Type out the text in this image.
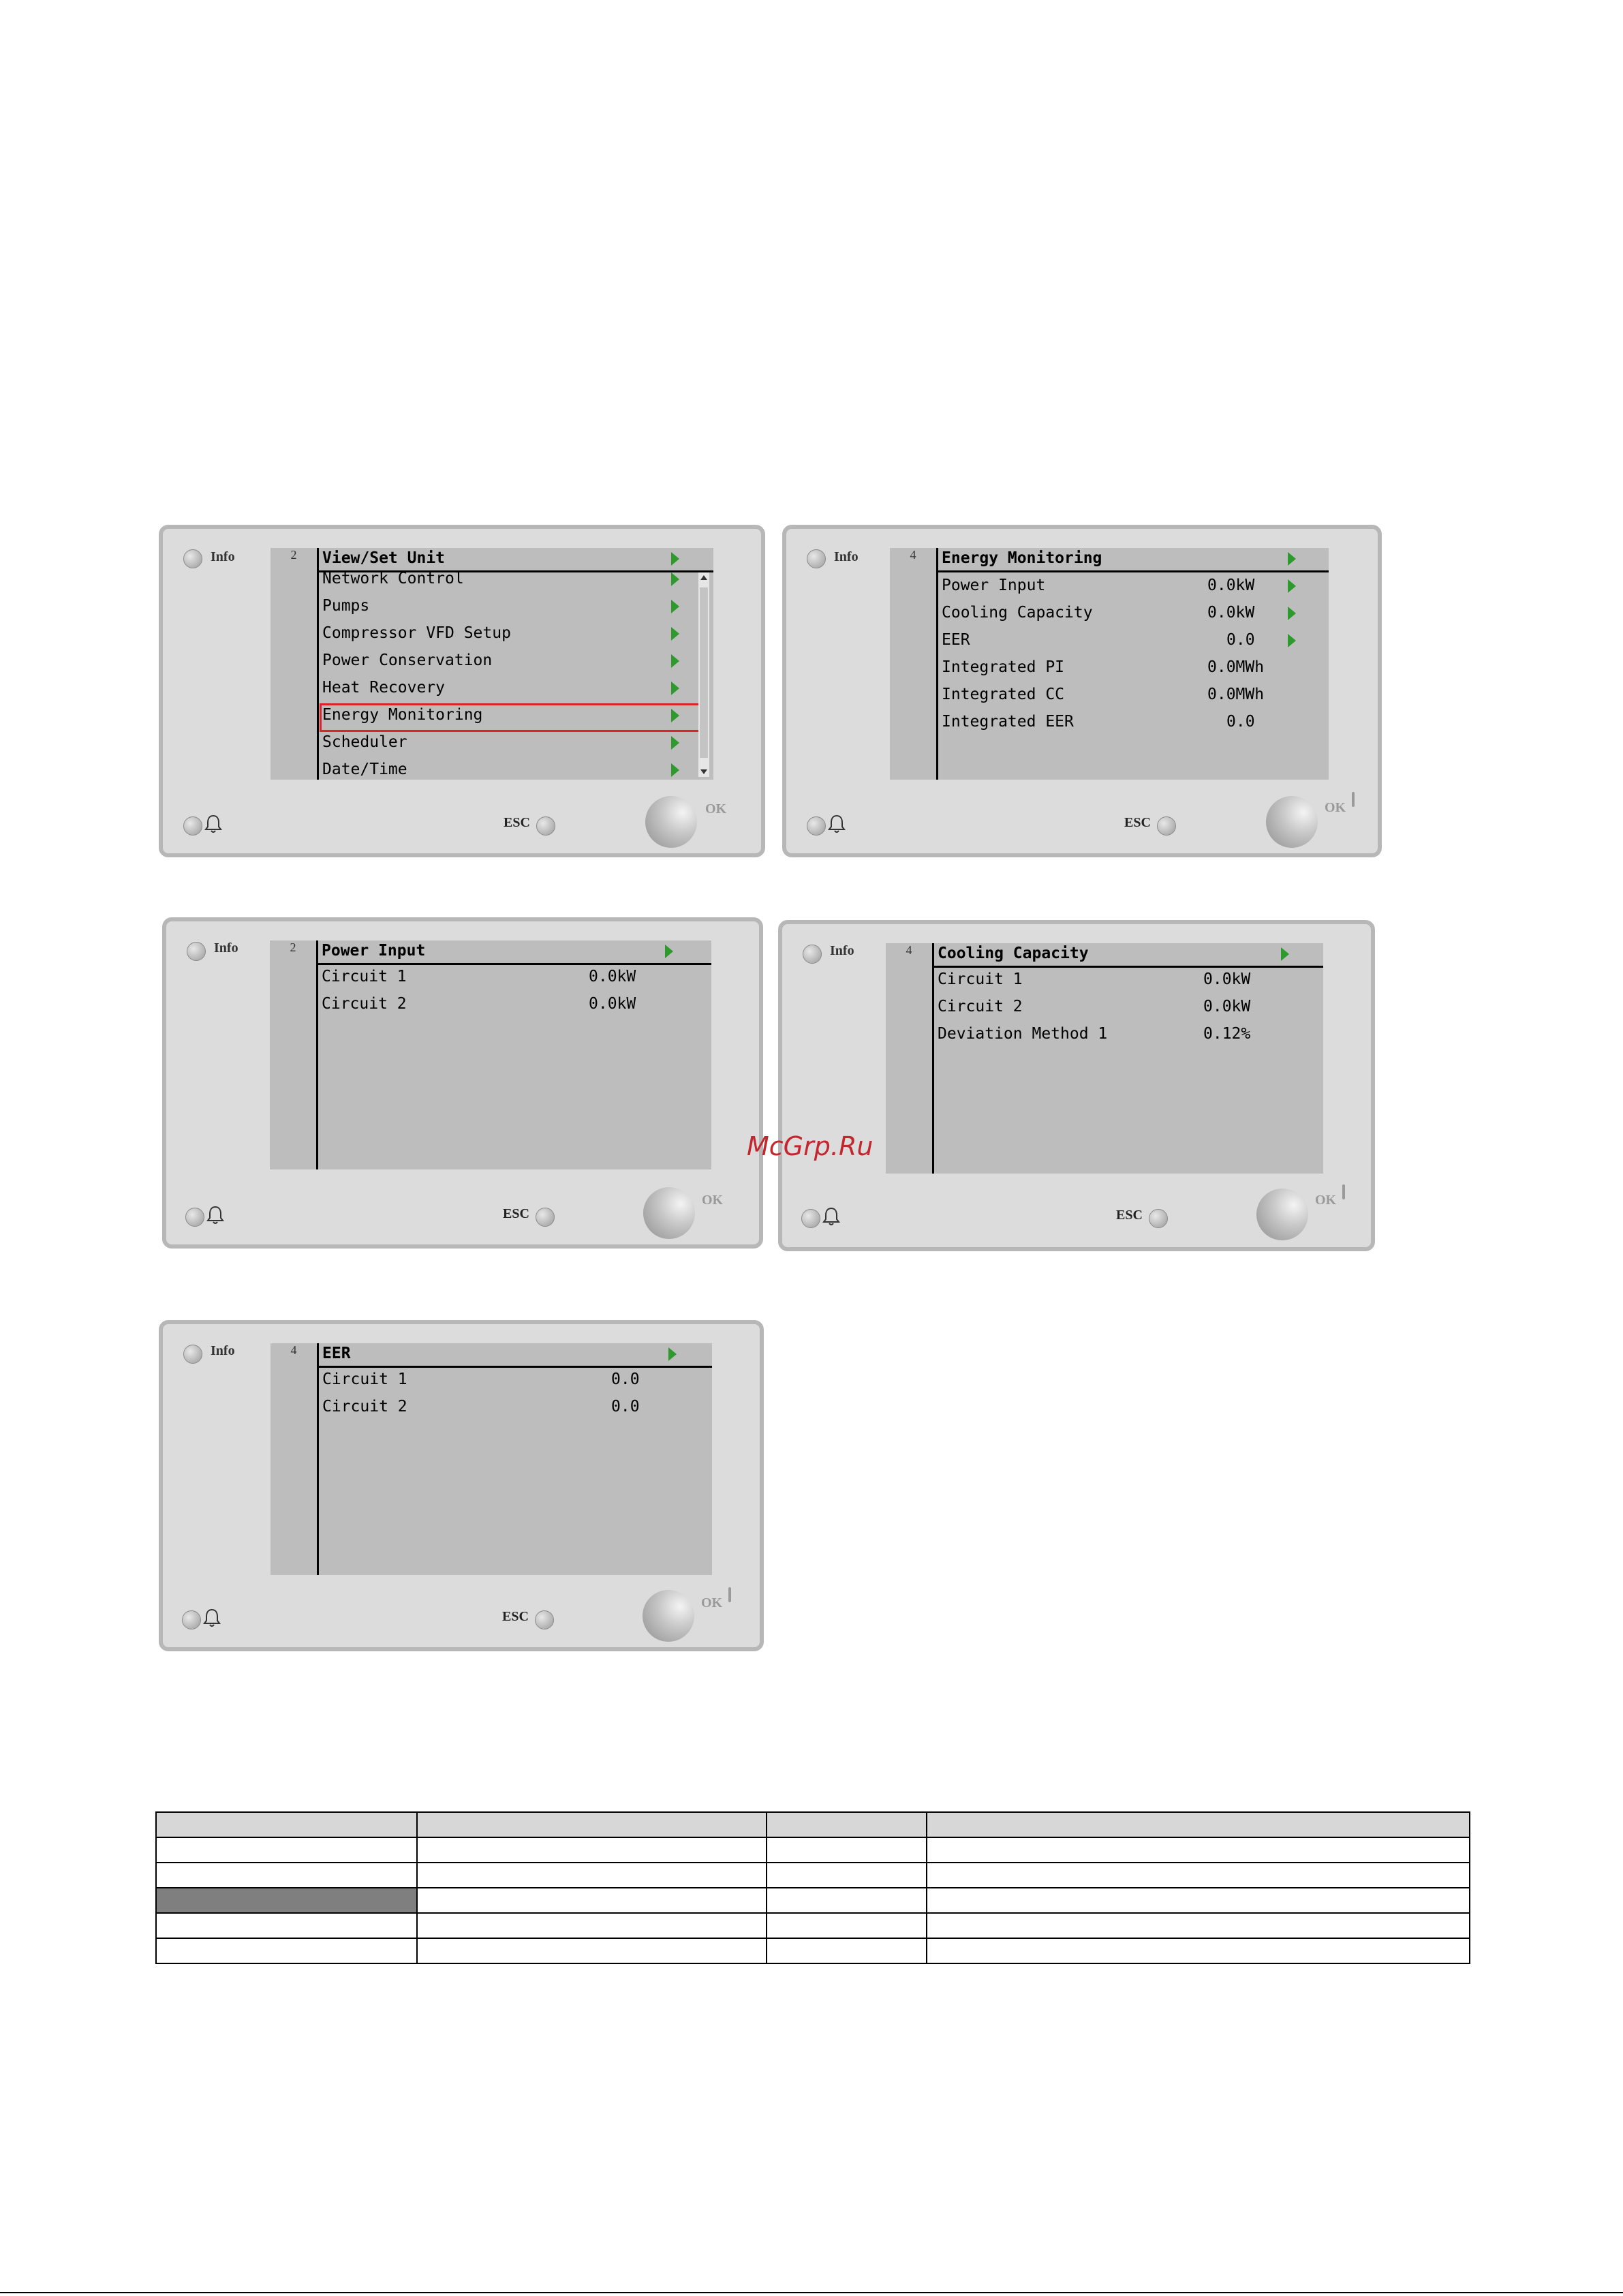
Info	2	View/Set Unit
Network Control
Pumps
Compressor VFD Setup
Power Conservation
Heat Recovery
Energy Monitoring
Scheduler
Date/Time
ESC
OK
Info	4	Energy Monitoring
Power Input	0.0kW
Cooling Capacity	0.0kW
EER	0.0
Integrated PI	0.0MWh
Integrated CC	0.0MWh
Integrated EER	0.0
ESC
OK
Info	2	Power Input
Circuit 1	0.0kW
Circuit 2	0.0kW
ESC
OK
Info	4	Cooling Capacity
Circuit 1	0.0kW
Circuit 2	0.0kW
Deviation Method 1	0.12%
ESC
OK
Info	4	EER
Circuit 1	0.0
Circuit 2	0.0
ESC
OK
McGrp.Ru
